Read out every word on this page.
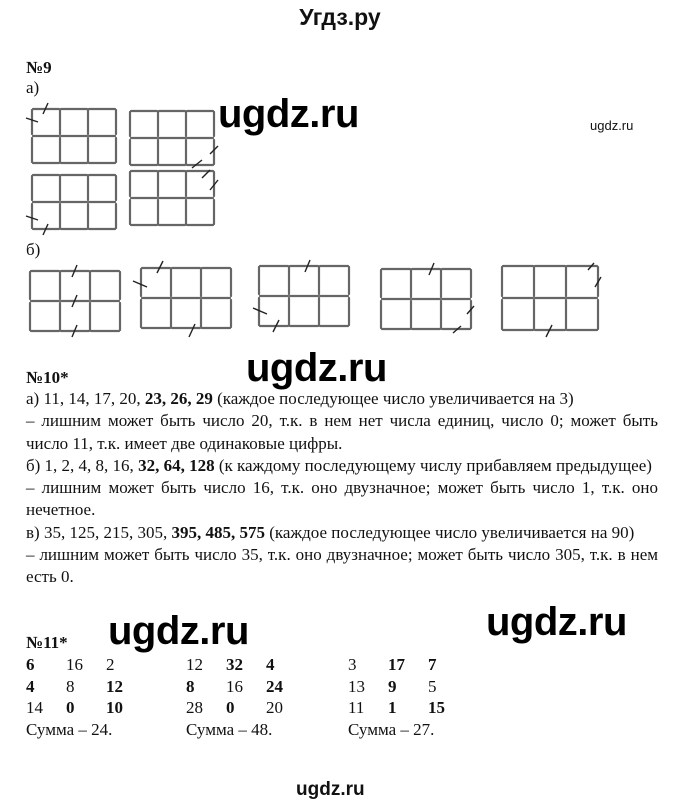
Угдз.ру
№9
а)
ugdz.ru	ugdz.ru
б)
ugdz.ru
№10*

а) 11, 14, 17, 20, 23, 26, 29 (каждое последующее число увеличивается на 3)

– лишним может быть число 20, т.к. в нем нет числа единиц, число 0; может быть число 11, т.к. имеет две одинаковые цифры.

б) 1, 2, 4, 8, 16, 32, 64, 128 (к каждому последующему числу прибавляем предыдущее)

– лишним может быть число 16, т.к. оно двузначное; может быть число 1, т.к. оно нечетное.

в) 35, 125, 215, 305, 395, 485, 575 (каждое последующее число увеличивается на 90)

– лишним может быть число 35, т.к. оно двузначное; может быть число 305, т.к. в нем есть 0.

ugdz.ru	ugdz.ru
№11*
6	16	2
4	8	12
14	0	10
Сумма – 24.
12	32	4
8	16	24
28	0	20
Сумма – 48.
3	17	7
13	9	5
11	1	15
Сумма – 27.
ugdz.ru
